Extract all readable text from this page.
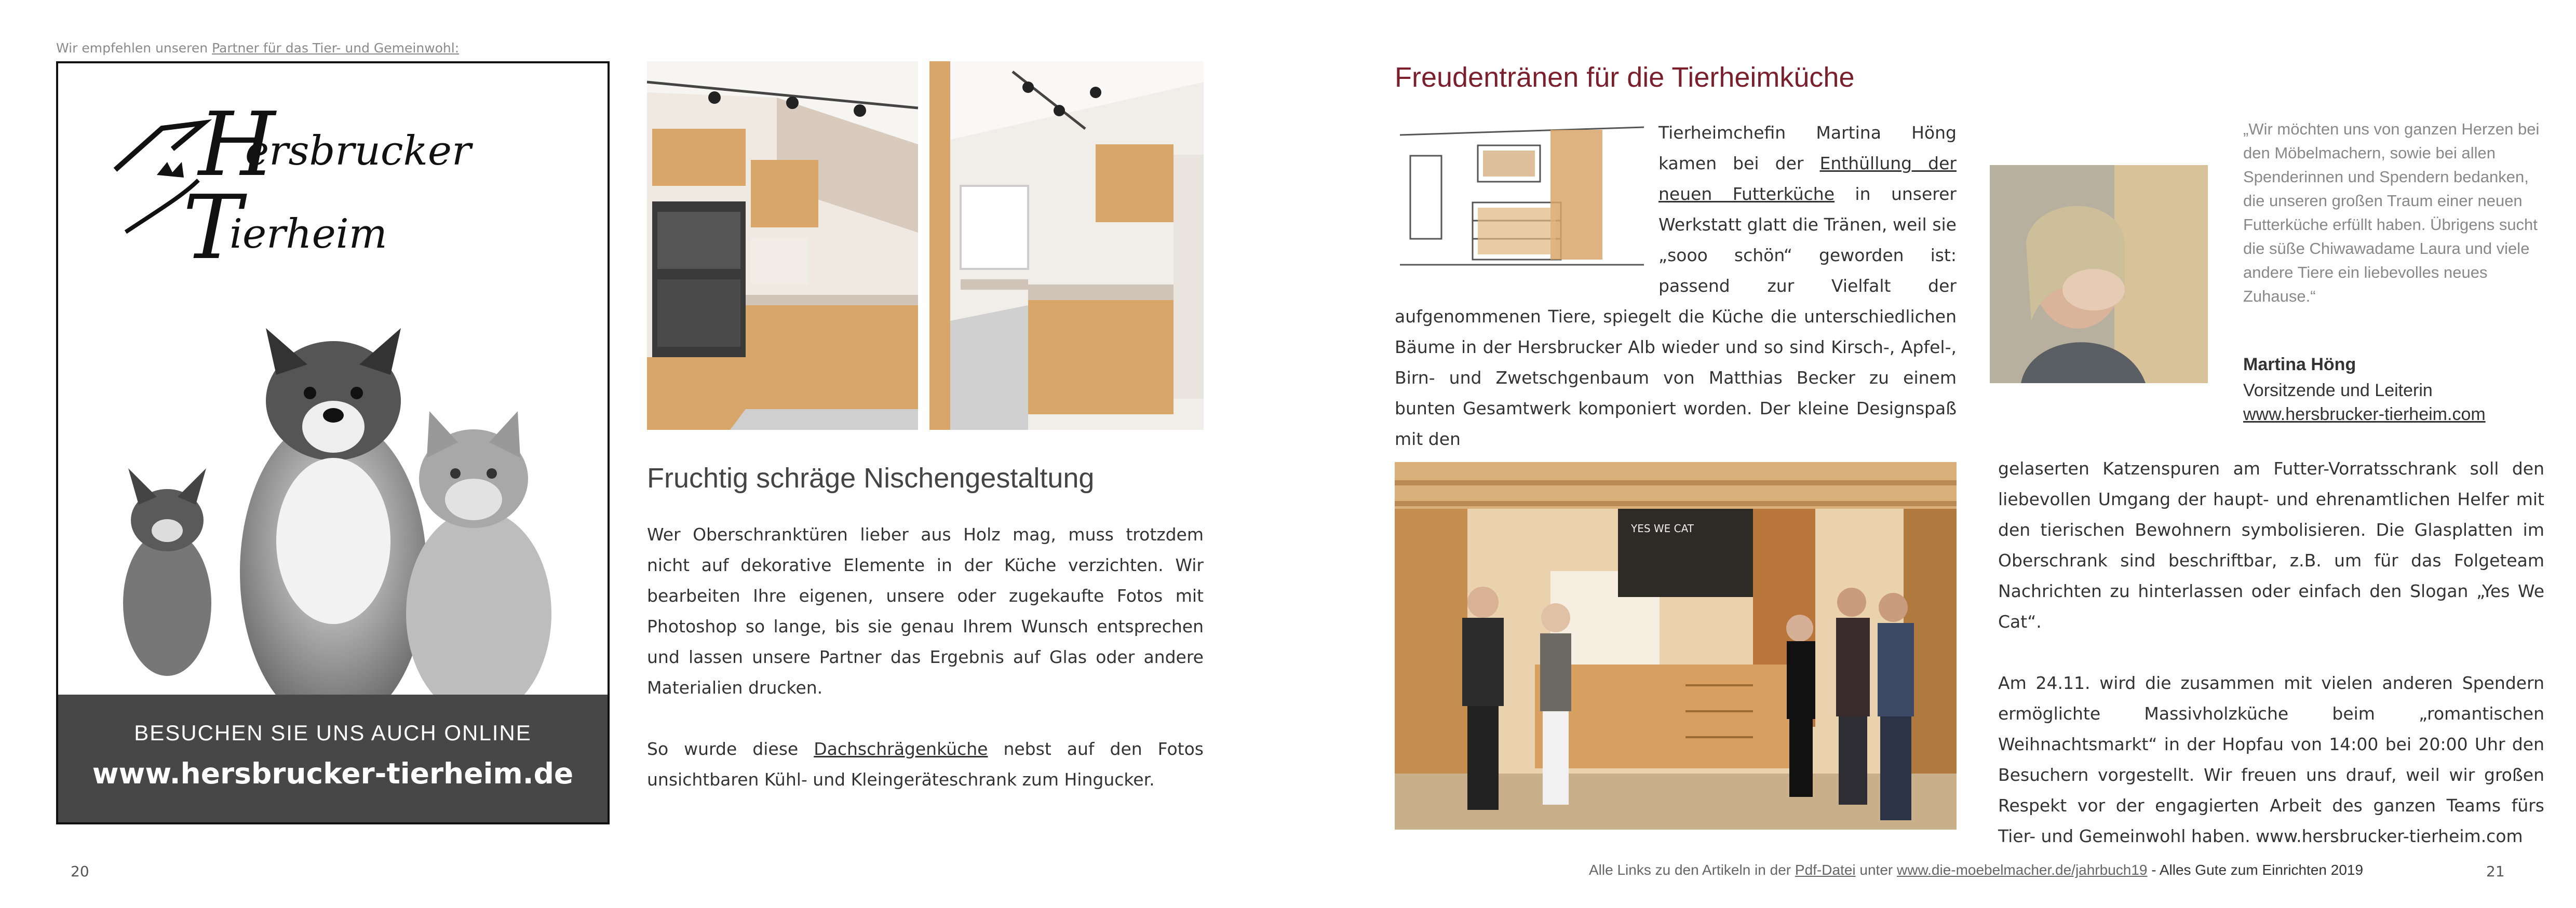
Wir empfehlen unseren Partner für das Tier- und Gemeinwohl:
H
ersbrucker
T
ierheim
BESUCHEN SIE UNS AUCH ONLINE
www.hersbrucker-tierheim.de
Fruchtig schräge Nischengestaltung

Wer Oberschranktüren lieber aus Holz mag, muss trotzdem nicht auf dekorative Elemente in der Küche verzichten. Wir bearbeiten Ihre eigenen, unsere oder zugekaufte Fotos mit Photoshop so lange, bis sie genau Ihrem Wunsch entsprechen und lassen unsere Partner das Ergebnis auf Glas oder andere Materialien drucken.

So wurde diese Dachschrägenküche nebst auf den Fotos unsichtbaren Kühl- und Kleingeräteschrank zum Hingucker.

20
Freudentränen für die Tierheimküche

Tierheimchefin Martina Höng kamen bei der Enthüllung der neuen Futterküche in unserer Werkstatt glatt die Tränen, weil sie „sooo schön“ geworden ist: passend zur Vielfalt der aufgenommenen Tiere, spiegelt die Küche die unterschiedlichen Bäume in der Hersbrucker Alb wieder und so sind Kirsch-, Apfel-, Birn- und Zwetschgenbaum von Matthias Becker zu einem bunten Gesamtwerk komponiert worden. Der kleine Designspaß mit den

„Wir möchten uns von ganzen Herzen bei den Möbelmachern, sowie bei allen Spenderinnen und Spendern bedanken, die unseren großen Traum einer neuen Futterküche erfüllt haben. Übrigens sucht die süße Chiwawadame Laura und viele andere Tiere ein liebevolles neues Zuhause.“
Martina Höng
Vorsitzende und Leiterin
www.hersbrucker-tierheim.com
YES WE CAT

gelaserten Katzenspuren am Futter-Vorratsschrank soll den liebevollen Umgang der haupt- und ehrenamtlichen Helfer mit den tierischen Bewohnern symbolisieren. Die Glasplatten im Oberschrank sind beschriftbar, z.B. um für das Folgeteam Nachrichten zu hinterlassen oder einfach den Slogan „Yes We Cat“.

Am 24.11. wird die zusammen mit vielen anderen Spendern ermöglichte Massivholzküche beim „romantischen Weihnachtsmarkt“ in der Hopfau von 14:00 bei 20:00 Uhr den Besuchern vorgestellt. Wir freuen uns drauf, weil wir großen Respekt vor der engagierten Arbeit des ganzen Teams fürs Tier- und Gemeinwohl haben. www.hersbrucker-tierheim.com

Alle Links zu den Artikeln in der Pdf-Datei unter www.die-moebelmacher.de/jahrbuch19 - Alles Gute zum Einrichten 2019	21
